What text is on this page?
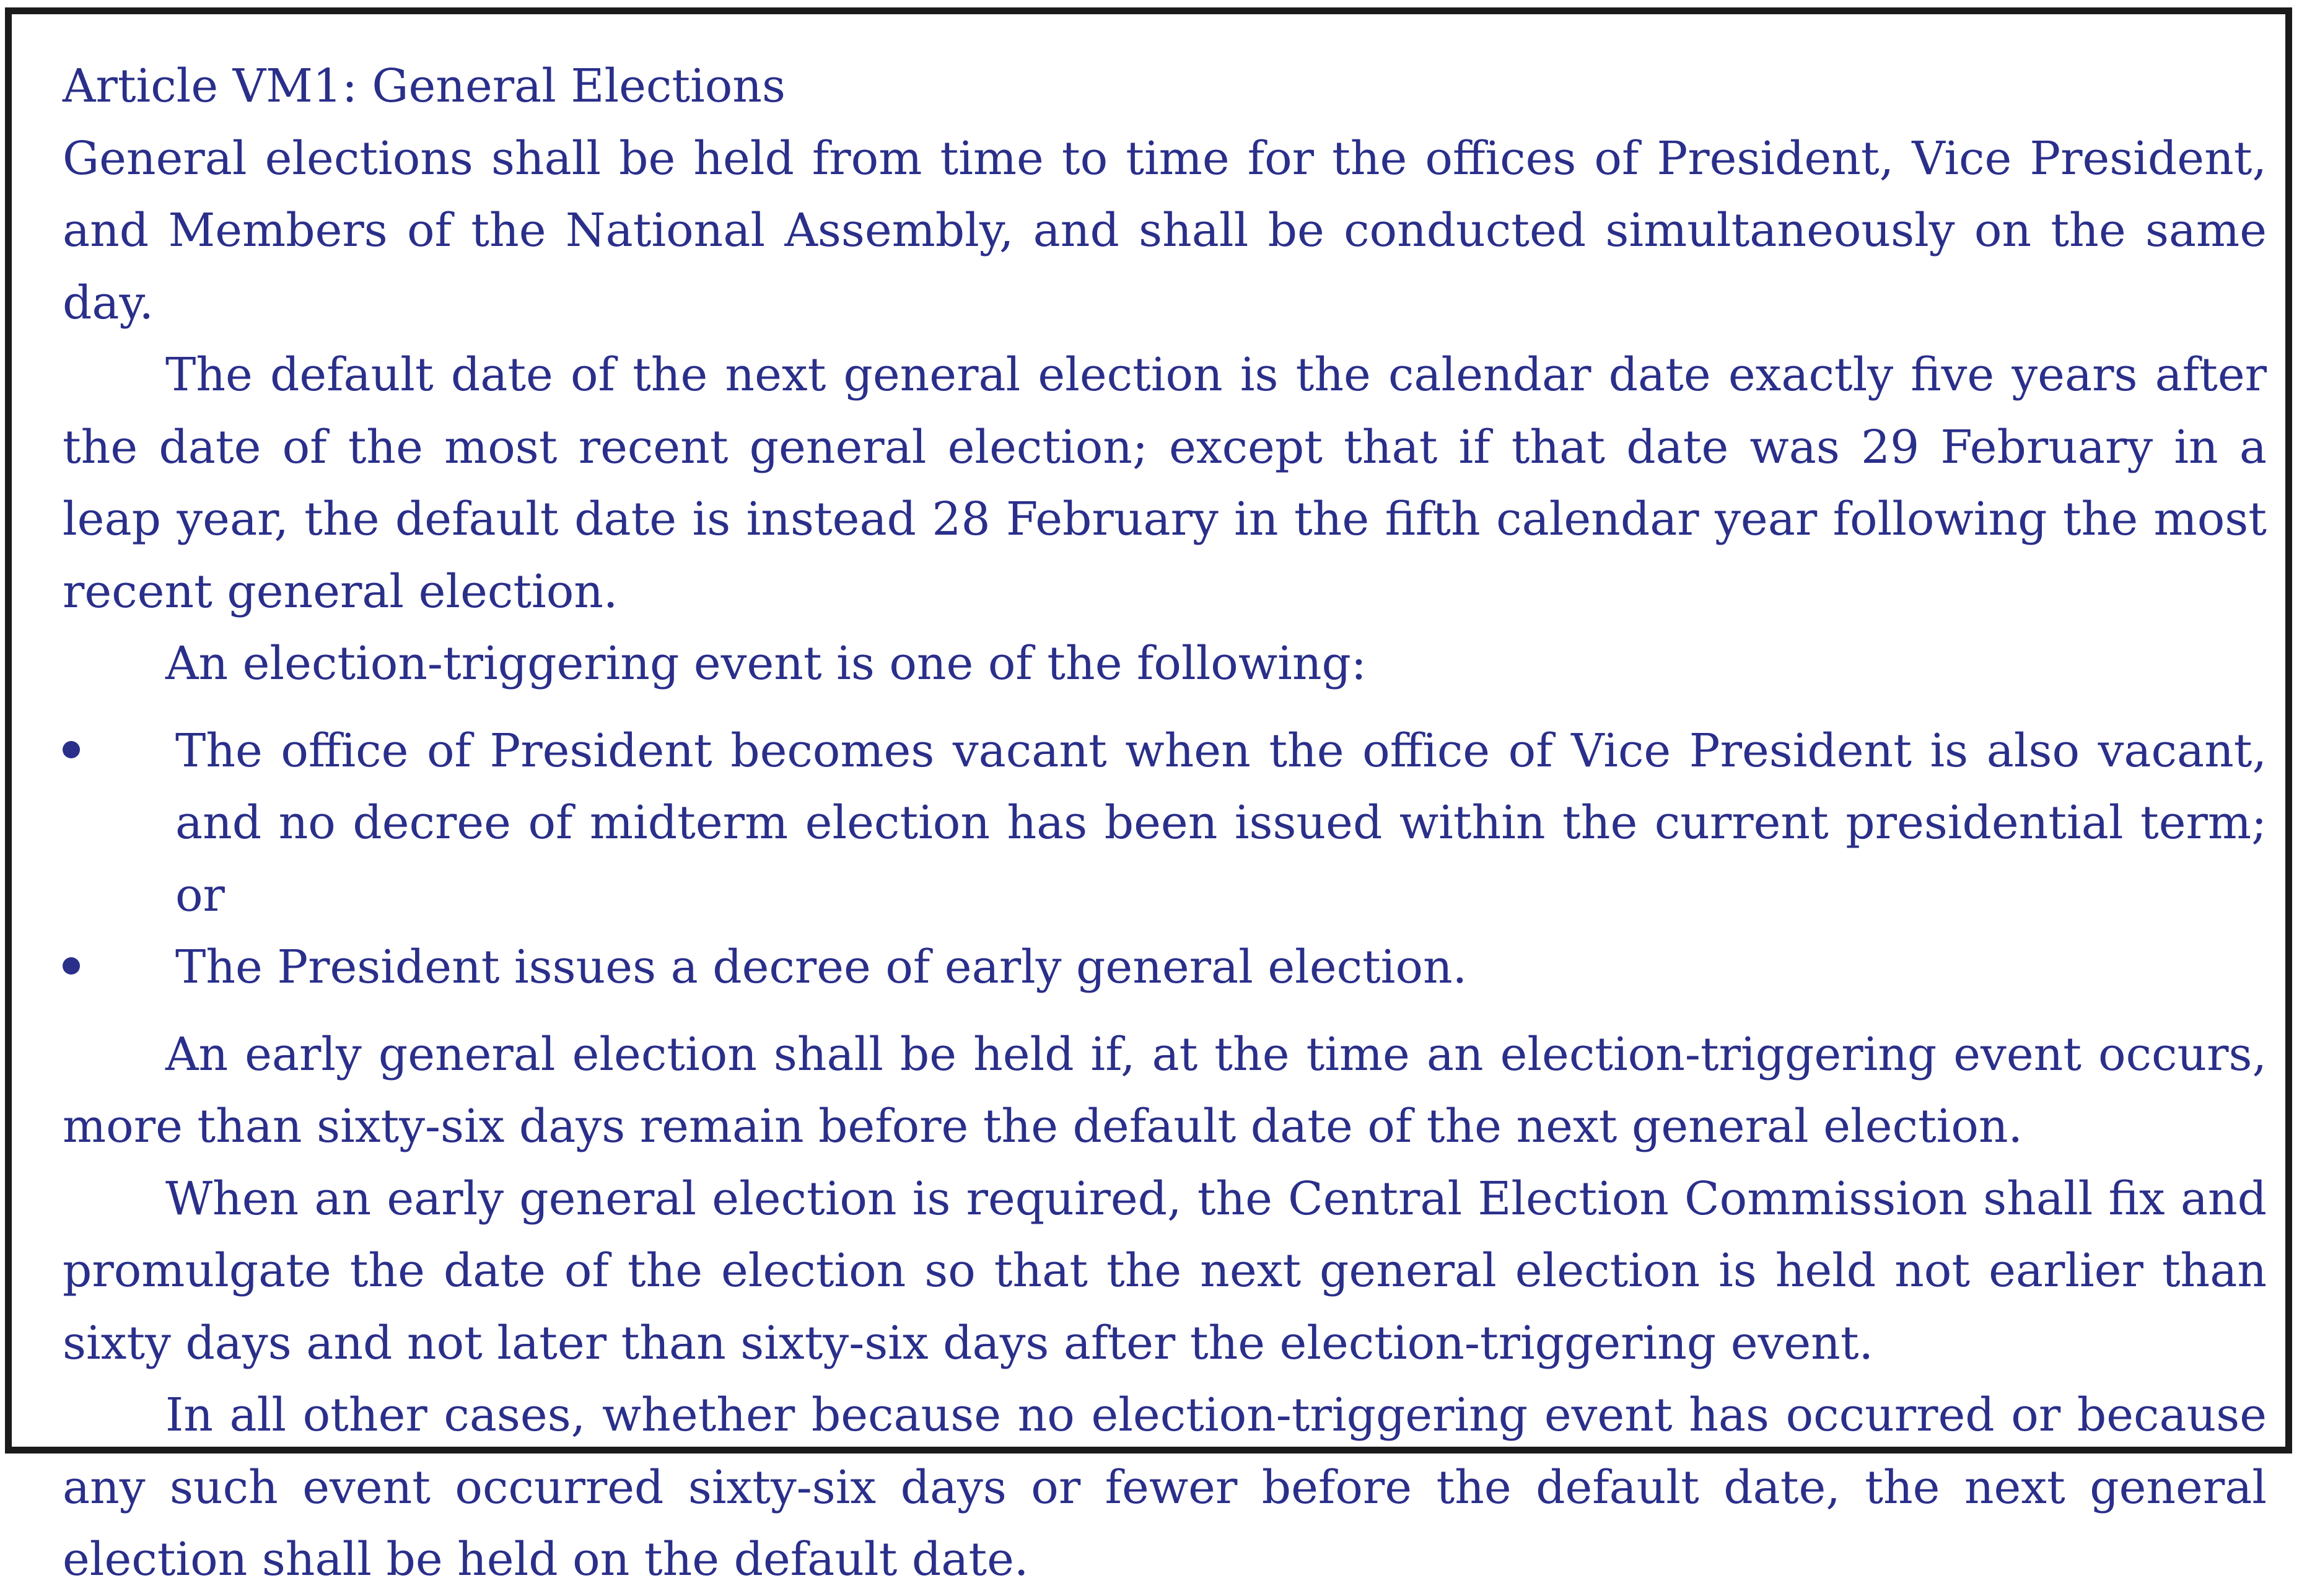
Article VM1: General Elections

General elections shall be held from time to time for the offices of President, Vice President, and Members of the National Assembly, and shall be conducted simultaneously on the same day.

The default date of the next general election is the calendar date exactly five years after the date of the most recent general election; except that if that date was 29 February in a leap year, the default date is instead 28 February in the fifth calendar year following the most recent general election.

An election-triggering event is one of the following:

The office of President becomes vacant when the office of Vice President is also vacant, and no decree of midterm election has been issued within the current presidential term; or
The President issues a decree of early general election.

An early general election shall be held if, at the time an election-triggering event occurs, more than sixty-six days remain before the default date of the next general election.

When an early general election is required, the Central Election Commission shall fix and promulgate the date of the election so that the next general election is held not earlier than sixty days and not later than sixty-six days after the election-triggering event.

In all other cases, whether because no election-triggering event has occurred or because any such event occurred sixty-six days or fewer before the default date, the next general election shall be held on the default date.
